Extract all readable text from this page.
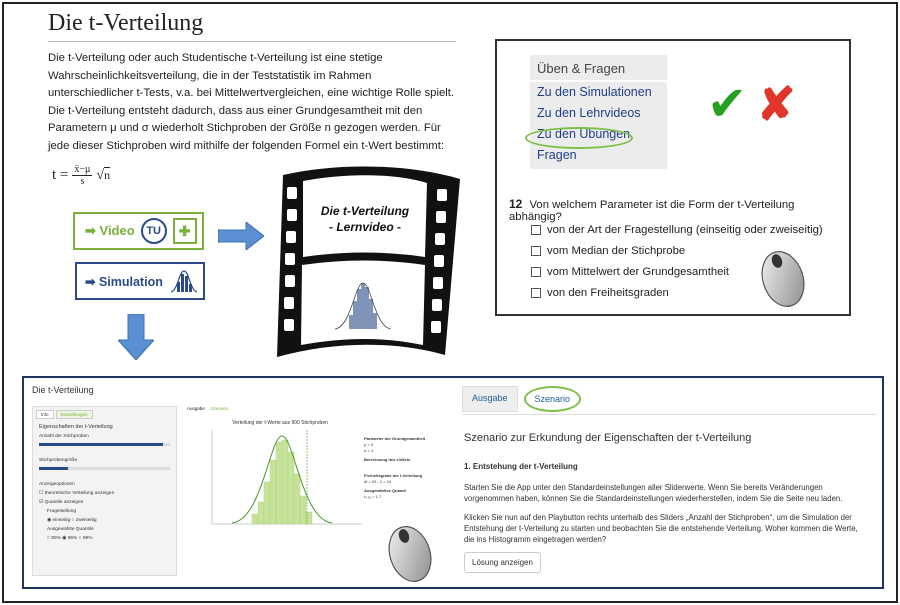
Die t-Verteilung

Die t-Verteilung oder auch Studentische t-Verteilung ist eine stetige Wahrscheinlichkeitsverteilung, die in der Teststatistik im Rahmen unterschiedlicher t-Tests, v.a. bei Mittelwertvergleichen, eine wichtige Rolle spielt. Die t-Verteilung entsteht dadurch, dass aus einer Grundgesamtheit mit den Parametern μ und σ wiederholt Stichproben der Größe n gezogen werden. Für jede dieser Stichproben wird mithilfe der folgenden Formel ein t-Wert bestimmt:

$t = \frac{x̄-\mu}{s} √n$
➡ Video	TU	✚
➡ Simulation
Die t-Verteilung
- Lernvideo -
Üben & Fragen
Zu den Simulationen
Zu den Lehrvideos
Zu den Übungen
Fragen
✔ ✘
12 Von welchem Parameter ist die Form der t-Verteilung abhängig?
von der Art der Fragestellung (einseitig oder zweiseitig)
vom Median der Stichprobe
vom Mittelwert der Grundgesamtheit
von den Freiheitsgraden
Die t-Verteilung
Info	Einstellungen
Eigenschaften der t-Verteilung
Anzahl der Stichproben
Stichprobengröße
Anzeigeoptionen
☐ theoretische Verteilung anzeigen
☑ Quantile anzeigen
Fragestellung
◉ einseitig ○ zweiseitig
Ausgewählte Quantile
○ 90% ◉ 95% ○ 99%
Ausgabe Szenario
Verteilung der t-Werte aus 900 Stichproben
Parameter der Grundgesamtheit
μ = 0
σ = 1
Berechnung des t-Werts
Freiheitsgrade der t-Verteilung
df = 25 - 1 = 24
Ausgewähltes Quantil
t₀.₉₅ = 1.7
Ausgabe	Szenario
Szenario zur Erkundung der Eigenschaften der t-Verteilung
1. Entstehung der t-Verteilung
Starten Sie die App unter den Standardeinstellungen aller Sliderwerte. Wenn Sie bereits Veränderungen vorgenommen haben, können Sie die Standardeinstellungen wiederherstellen, indem Sie die Seite neu laden.
Klicken Sie nun auf den Playbutton rechts unterhalb des Sliders „Anzahl der Stichproben“, um die Simulation der Entstehung der t-Verteilung zu starten und beobachten Sie die entstehende Verteilung. Woher kommen die Werte, die ins Histogramm eingetragen werden?
Lösung anzeigen
